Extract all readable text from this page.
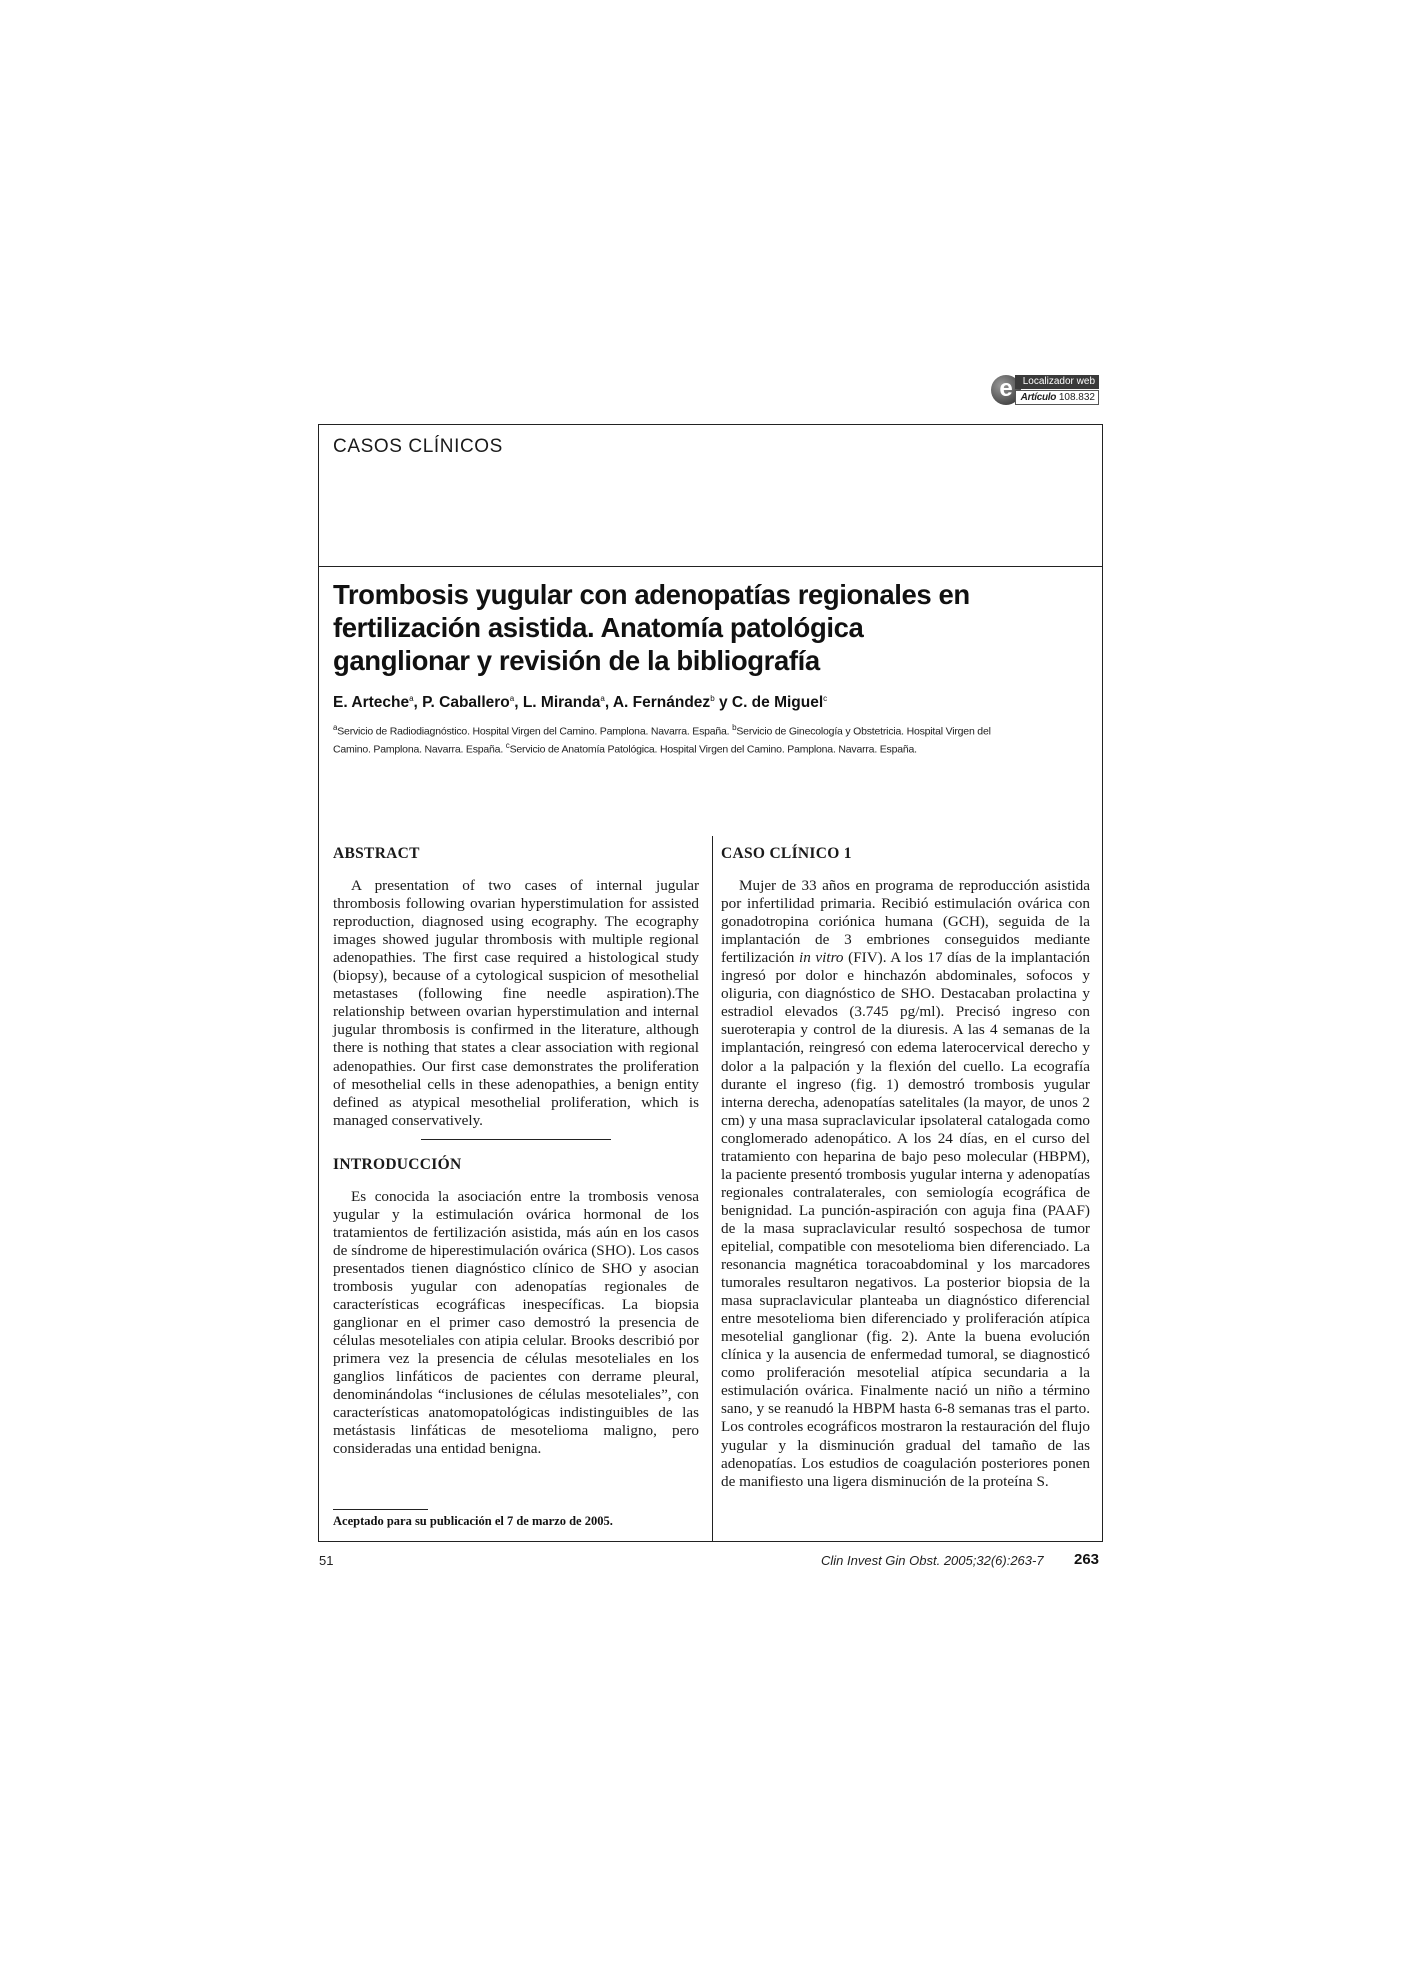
e	Localizador web
Artículo 108.832
CASOS CLÍNICOS
Trombosis yugular con adenopatías regionales en fertilización asistida. Anatomía patológica ganglionar y revisión de la bibliografía

E. Arteche$^a$, P. Caballero$^a$, L. Miranda$^a$, A. Fernández$^b$ y C. de Miguel$^c$

$^a$Servicio de Radiodiagnóstico. Hospital Virgen del Camino. Pamplona. Navarra. España. $^b$Servicio de Ginecología y Obstetricia. Hospital Virgen del Camino. Pamplona. Navarra. España. $^c$Servicio de Anatomía Patológica. Hospital Virgen del Camino. Pamplona. Navarra. España.

ABSTRACT

A presentation of two cases of internal jugular thrombosis following ovarian hyperstimulation for assisted reproduction, diagnosed using ecography. The ecography images showed jugular thrombosis with multiple regional adenopathies. The first case required a histological study (biopsy), because of a cytological suspicion of mesothelial metastases (following fine needle aspiration).The relationship between ovarian hyperstimulation and internal jugular thrombosis is confirmed in the literature, although there is nothing that states a clear association with regional adenopathies. Our first case demonstrates the proliferation of mesothelial cells in these adenopathies, a benign entity defined as atypical mesothelial proliferation, which is managed conservatively.

INTRODUCCIÓN

Es conocida la asociación entre la trombosis venosa yugular y la estimulación ovárica hormonal de los tratamientos de fertilización asistida, más aún en los casos de síndrome de hiperestimulación ovárica (SHO). Los casos presentados tienen diagnóstico clínico de SHO y asocian trombosis yugular con adenopatías regionales de características ecográficas inespecíficas. La biopsia ganglionar en el primer caso demostró la presencia de células mesoteliales con atipia celular. Brooks describió por primera vez la presencia de células mesoteliales en los ganglios linfáticos de pacientes con derrame pleural, denominándolas “inclusiones de células mesoteliales”, con características anatomopatológicas indistinguibles de las metástasis linfáticas de mesotelioma maligno, pero consideradas una entidad benigna.

Aceptado para su publicación el 7 de marzo de 2005.

CASO CLÍNICO 1

Mujer de 33 años en programa de reproducción asistida por infertilidad primaria. Recibió estimulación ovárica con gonadotropina coriónica humana (GCH), seguida de la implantación de 3 embriones conseguidos mediante fertilización in vitro (FIV). A los 17 días de la implantación ingresó por dolor e hinchazón abdominales, sofocos y oliguria, con diagnóstico de SHO. Destacaban prolactina y estradiol elevados (3.745 pg/ml). Precisó ingreso con sueroterapia y control de la diuresis. A las 4 semanas de la implantación, reingresó con edema laterocervical derecho y dolor a la palpación y la flexión del cuello. La ecografía durante el ingreso (fig. 1) demostró trombosis yugular interna derecha, adenopatías satelitales (la mayor, de unos 2 cm) y una masa supraclavicular ipsolateral catalogada como conglomerado adenopático. A los 24 días, en el curso del tratamiento con heparina de bajo peso molecular (HBPM), la paciente presentó trombosis yugular interna y adenopatías regionales contralaterales, con semiología ecográfica de benignidad. La punción-aspiración con aguja fina (PAAF) de la masa supraclavicular resultó sospechosa de tumor epitelial, compatible con mesotelioma bien diferenciado. La resonancia magnética toracoabdominal y los marcadores tumorales resultaron negativos. La posterior biopsia de la masa supraclavicular planteaba un diagnóstico diferencial entre mesotelioma bien diferenciado y proliferación atípica mesotelial ganglionar (fig. 2). Ante la buena evolución clínica y la ausencia de enfermedad tumoral, se diagnosticó como proliferación mesotelial atípica secundaria a la estimulación ovárica. Finalmente nació un niño a término sano, y se reanudó la HBPM hasta 6-8 semanas tras el parto. Los controles ecográficos mostraron la restauración del flujo yugular y la disminución gradual del tamaño de las adenopatías. Los estudios de coagulación posteriores ponen de manifiesto una ligera disminución de la proteína S.

51	Clin Invest Gin Obst. 2005;32(6):263-7 263
